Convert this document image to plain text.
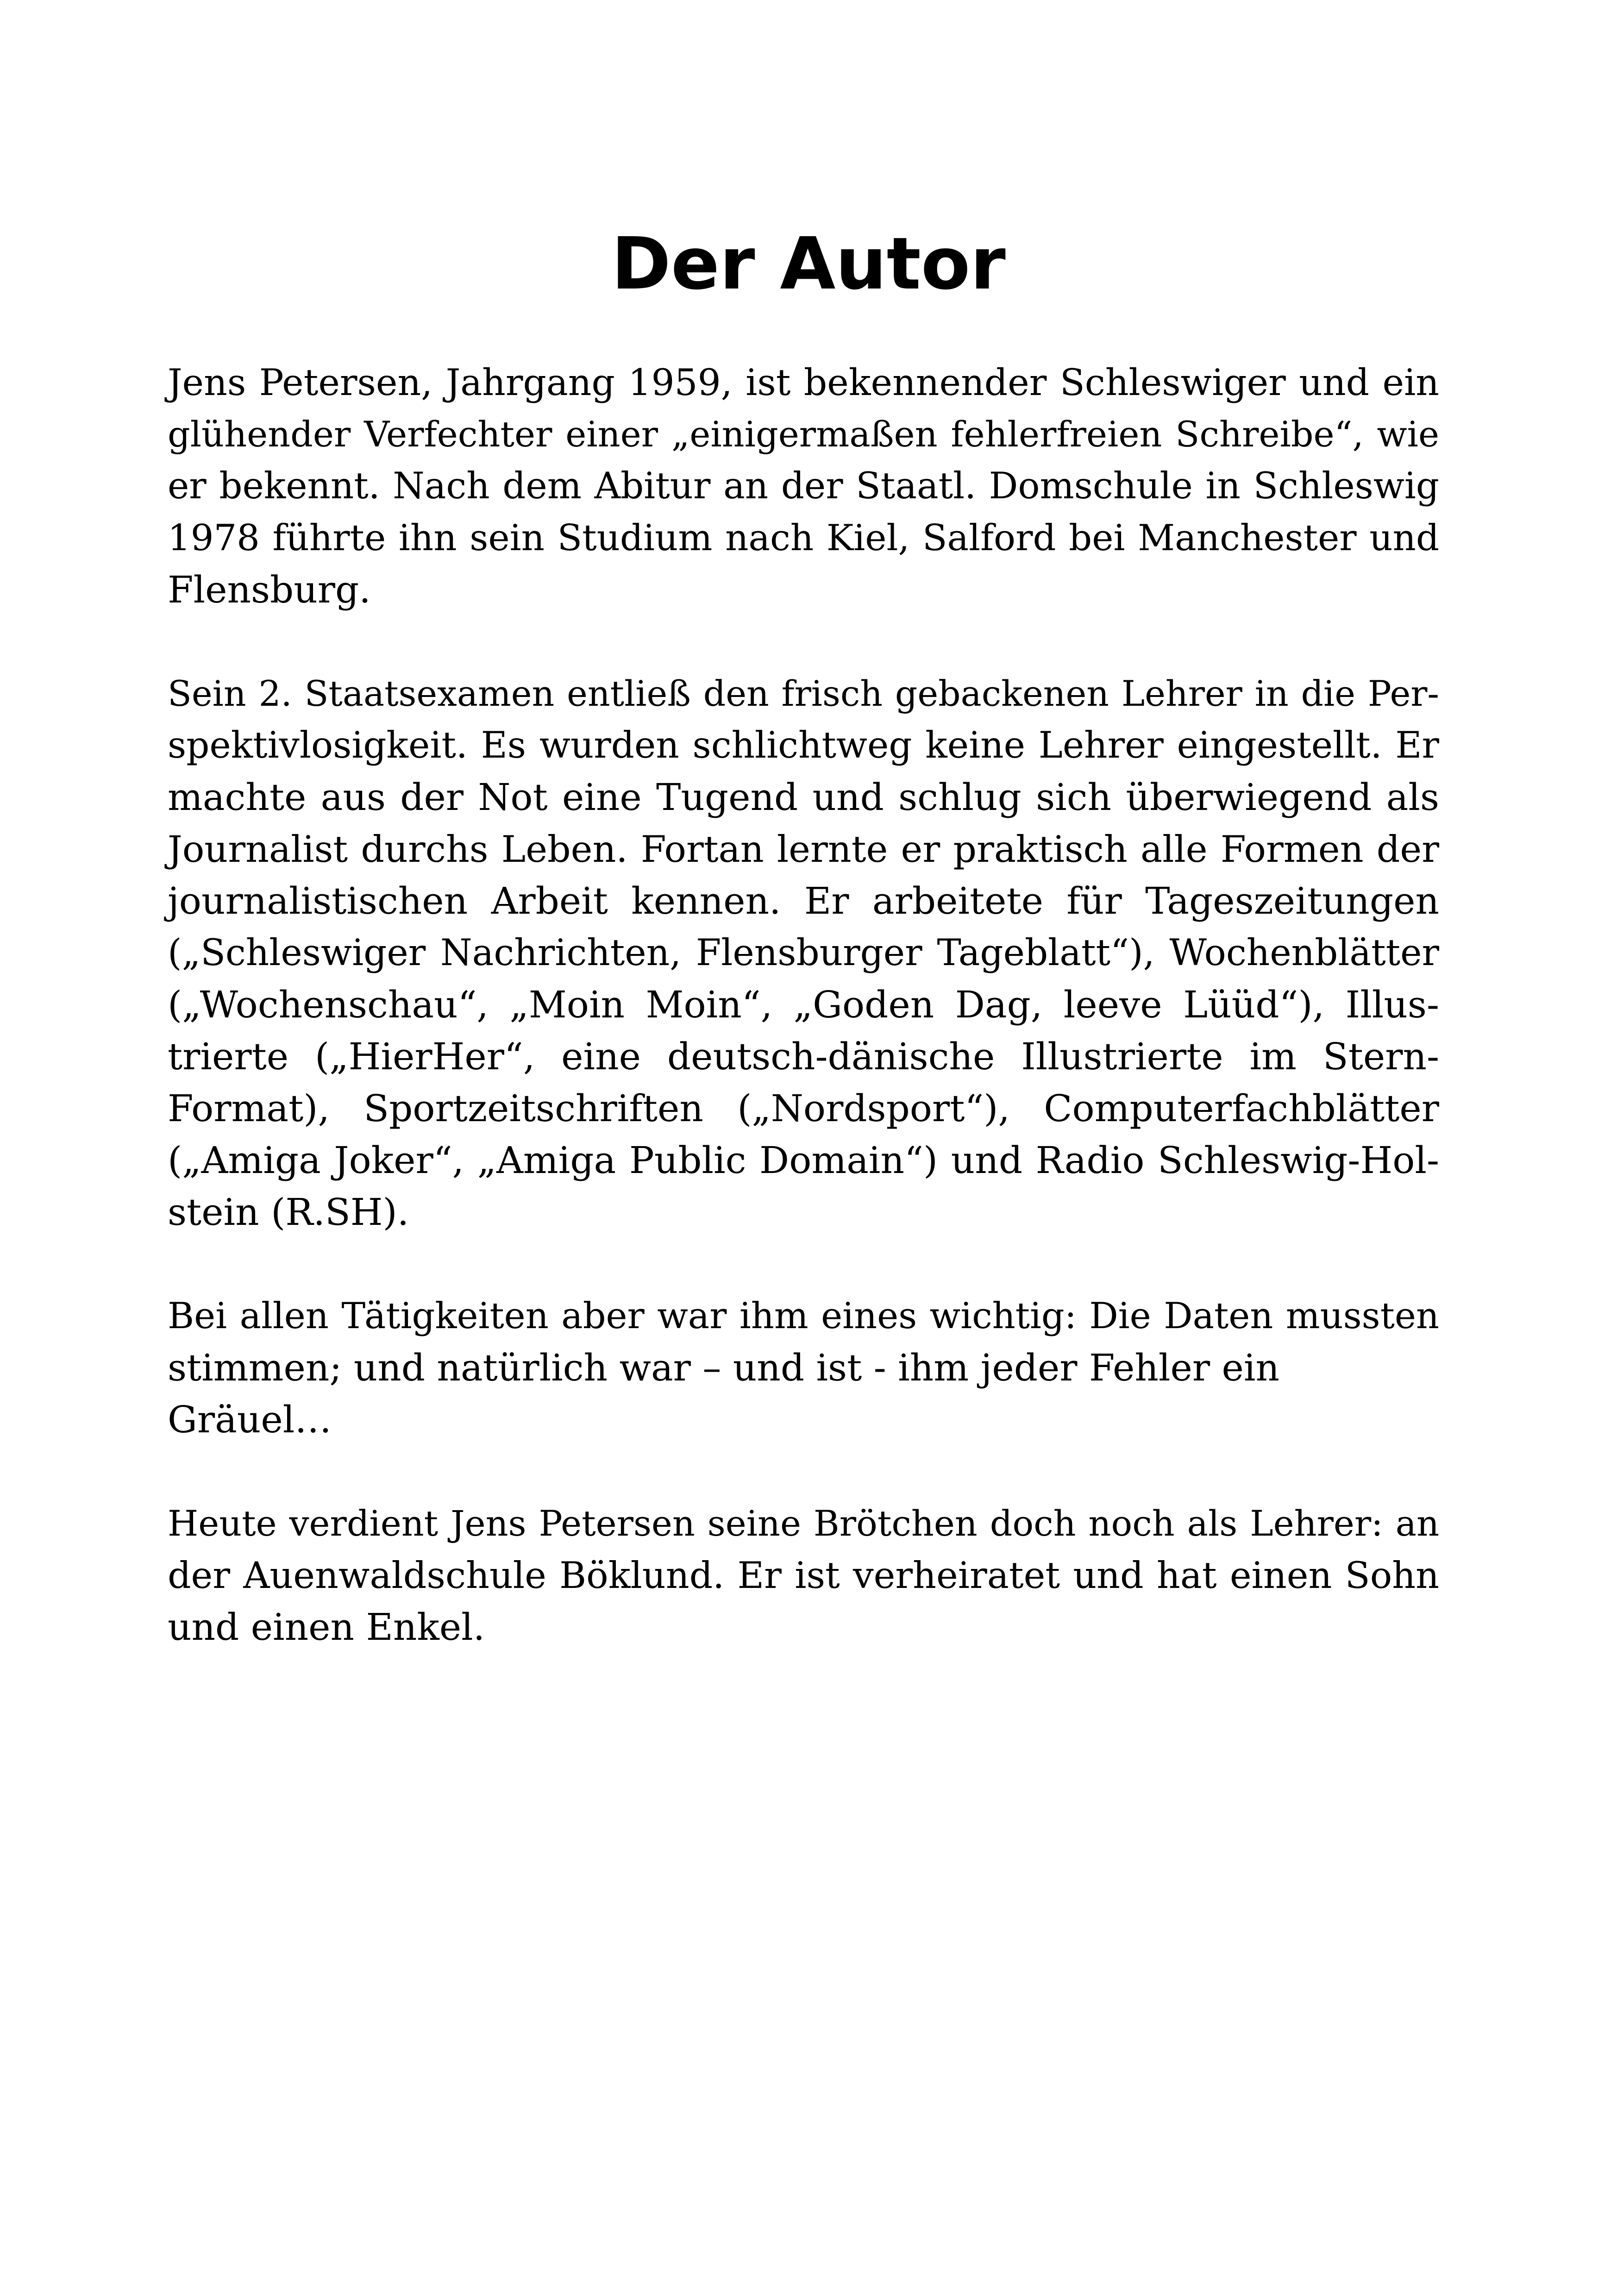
Der Autor

Jens Petersen, Jahrgang 1959, ist bekennender Schleswiger und ein
glühender Verfechter einer „einigermaßen fehlerfreien Schreibe“, wie
er bekennt. Nach dem Abitur an der Staatl. Domschule in Schleswig
1978 führte ihn sein Studium nach Kiel, Salford bei Manchester und
Flensburg.

Sein 2. Staatsexamen entließ den frisch gebackenen Lehrer in die Per-
spektivlosigkeit. Es wurden schlichtweg keine Lehrer eingestellt. Er
machte aus der Not eine Tugend und schlug sich überwiegend als
Journalist durchs Leben. Fortan lernte er praktisch alle Formen der
journalistischen Arbeit kennen. Er arbeitete für Tageszeitungen
(„Schleswiger Nachrichten, Flensburger Tageblatt“), Wochenblätter
(„Wochenschau“, „Moin Moin“, „Goden Dag, leeve Lüüd“), Illus-
trierte („HierHer“, eine deutsch-dänische Illustrierte im Stern-
Format), Sportzeitschriften („Nordsport“), Computerfachblätter
(„Amiga Joker“, „Amiga Public Domain“) und Radio Schleswig-Hol-
stein (R.SH).

Bei allen Tätigkeiten aber war ihm eines wichtig: Die Daten mussten
stimmen; und natürlich war – und ist - ihm jeder Fehler ein
Gräuel…

Heute verdient Jens Petersen seine Brötchen doch noch als Lehrer: an
der Auenwaldschule Böklund. Er ist verheiratet und hat einen Sohn
und einen Enkel.
